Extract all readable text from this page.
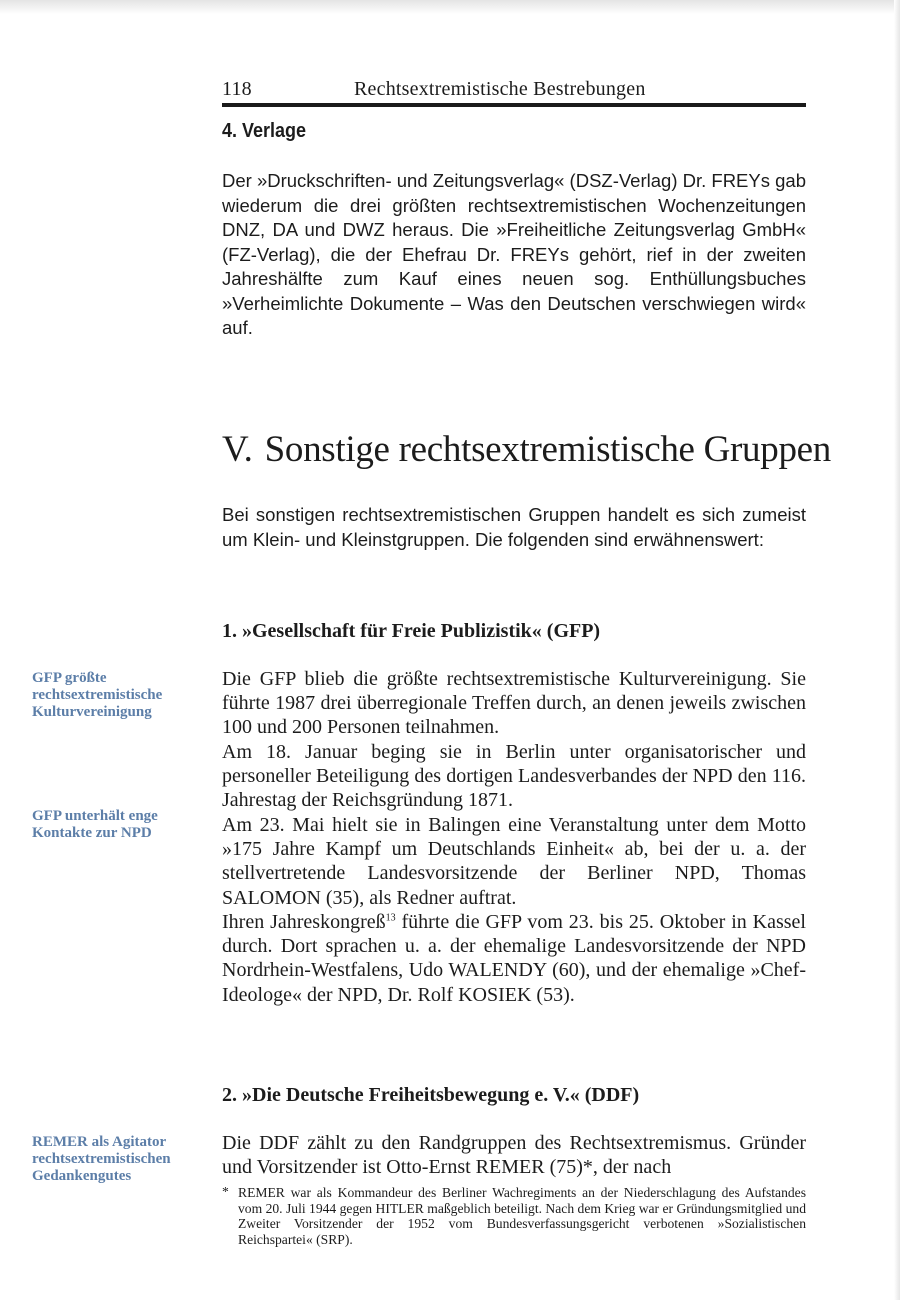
118	Rechtsextremistische Bestrebungen
4. Verlage

Der »Druckschriften- und Zeitungsverlag« (DSZ-Verlag) Dr. FREYs gab wiederum die drei größten rechtsextremistischen Wochenzeitungen DNZ, DA und DWZ heraus. Die »Freiheitliche Zeitungsverlag GmbH« (FZ-Verlag), die der Ehefrau Dr. FREYs gehört, rief in der zweiten Jahreshälfte zum Kauf eines neuen sog. Enthüllungsbuches »Verheimlichte Dokumente – Was den Deutschen verschwiegen wird« auf.

V. Sonstige rechtsextremistische Gruppen

Bei sonstigen rechtsextremistischen Gruppen handelt es sich zumeist um Klein- und Kleinstgruppen. Die folgenden sind erwähnenswert:

1. »Gesellschaft für Freie Publizistik« (GFP)
GFP größte rechtsextremistische Kulturvereinigung
GFP unterhält enge Kontakte zur NPD

Die GFP blieb die größte rechtsextremistische Kulturvereinigung. Sie führte 1987 drei überregionale Treffen durch, an denen jeweils zwischen 100 und 200 Personen teilnahmen.

Am 18. Januar beging sie in Berlin unter organisatorischer und personeller Beteiligung des dortigen Landesverbandes der NPD den 116. Jahrestag der Reichsgründung 1871.

Am 23. Mai hielt sie in Balingen eine Veranstaltung unter dem Motto »175 Jahre Kampf um Deutschlands Einheit« ab, bei der u. a. der stellvertretende Landesvorsitzende der Berliner NPD, Thomas SALOMON (35), als Redner auftrat.

Ihren Jahreskongreß$^{13}$ führte die GFP vom 23. bis 25. Oktober in Kassel durch. Dort sprachen u. a. der ehemalige Landesvorsitzende der NPD Nordrhein-Westfalens, Udo WALENDY (60), und der ehemalige »Chef-Ideologe« der NPD, Dr. Rolf KOSIEK (53).

2. »Die Deutsche Freiheitsbewegung e. V.« (DDF)
REMER als Agitator rechtsextremistischen Gedankengutes

Die DDF zählt zu den Randgruppen des Rechtsextremismus. Gründer und Vorsitzender ist Otto-Ernst REMER (75)*, der nach

* REMER war als Kommandeur des Berliner Wachregiments an der Niederschlagung des Aufstandes vom 20. Juli 1944 gegen HITLER maßgeblich beteiligt. Nach dem Krieg war er Gründungsmitglied und Zweiter Vorsitzender der 1952 vom Bundesverfassungsgericht verbotenen »Sozialistischen Reichspartei« (SRP).
